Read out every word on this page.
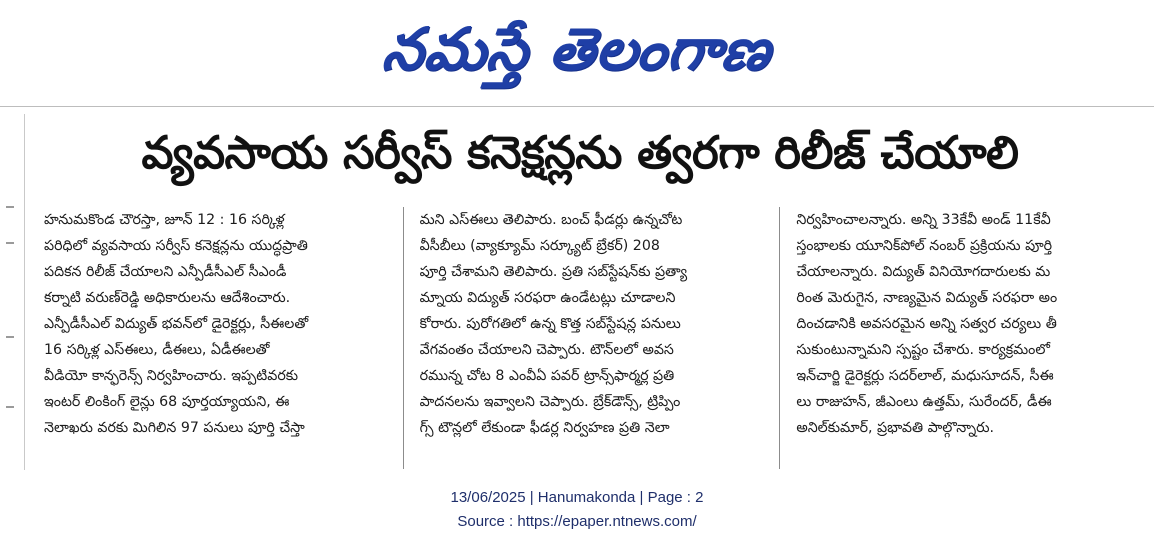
నమస్తే తెలంగాణ
వ్యవసాయ సర్వీస్ కనెక్షన్లను త్వరగా రిలీజ్ చేయాలి
హనుమకొండ చౌరస్తా, జూన్ 12 : 16 సర్కిళ్ల
పరిధిలో వ్యవసాయ సర్వీస్ కనెక్షన్లను యుద్ధప్రాతి
పదికన రిలీజ్ చేయాలని ఎన్పీడీసీఎల్ సీఎండీ
కర్నాటి వరుణ్‌రెడ్డి అధికారులను ఆదేశించారు.
ఎన్పీడీసీఎల్ విద్యుత్ భవన్‌లో డైరెక్టర్లు, సీఈలతో
16 సర్కిళ్ల ఎస్ఈలు, డీఈలు, ఏడీఈలతో
వీడియో కాన్ఫరెన్స్ నిర్వహించారు. ఇప్పటివరకు
ఇంటర్ లింకింగ్ లైన్లు 68 పూర్తయ్యాయని, ఈ
నెలాఖరు వరకు మిగిలిన 97 పనులు పూర్తి చేస్తా
మని ఎస్ఈలు తెలిపారు. బంచ్ ఫీడర్లు ఉన్నచోట
వీసీబీలు (వ్యాక్యూమ్ సర్క్యూట్ బ్రేకర్) 208
పూర్తి చేశామని తెలిపారు. ప్రతి సబ్‌స్టేషన్‌కు ప్రత్యా
మ్నాయ విద్యుత్ సరఫరా ఉండేటట్లు చూడాలని
కోరారు. పురోగతిలో ఉన్న కొత్త సబ్‌స్టేషన్ల పనులు
వేగవంతం చేయాలని చెప్పారు. టౌన్‌లలో అవస
రమున్న చోట 8 ఎంవీఏ పవర్ ట్రాన్స్‌ఫార్మర్ల ప్రతి
పాదనలను ఇవ్వాలని చెప్పారు. బ్రేక్‌డౌన్స్, ట్రిప్పిం
గ్స్ టౌన్లలో లేకుండా ఫీడర్ల నిర్వహణ ప్రతి నెలా
నిర్వహించాలన్నారు. అన్ని 33కేవీ అండ్ 11కేవీ
స్తంభాలకు యూనిక్‌పోల్ నంబర్ ప్రక్రియను పూర్తి
చేయాలన్నారు. విద్యుత్ వినియోగదారులకు మ
రింత మెరుగైన, నాణ్యమైన విద్యుత్ సరఫరా అం
దించడానికి అవసరమైన అన్ని సత్వర చర్యలు తీ
సుకుంటున్నామని స్పష్టం చేశారు. కార్యక్రమంలో
ఇన్‌చార్జి డైరెక్టర్లు సదర్‌లాల్, మధుసూదన్, సీఈ
లు రాజుహన్, జీఎంలు ఉత్తమ్, సురేందర్, డీఈ
అనిల్‌కుమార్, ప్రభావతి పాల్గొన్నారు.
13/06/2025 | Hanumakonda | Page : 2
Source : https://epaper.ntnews.com/
